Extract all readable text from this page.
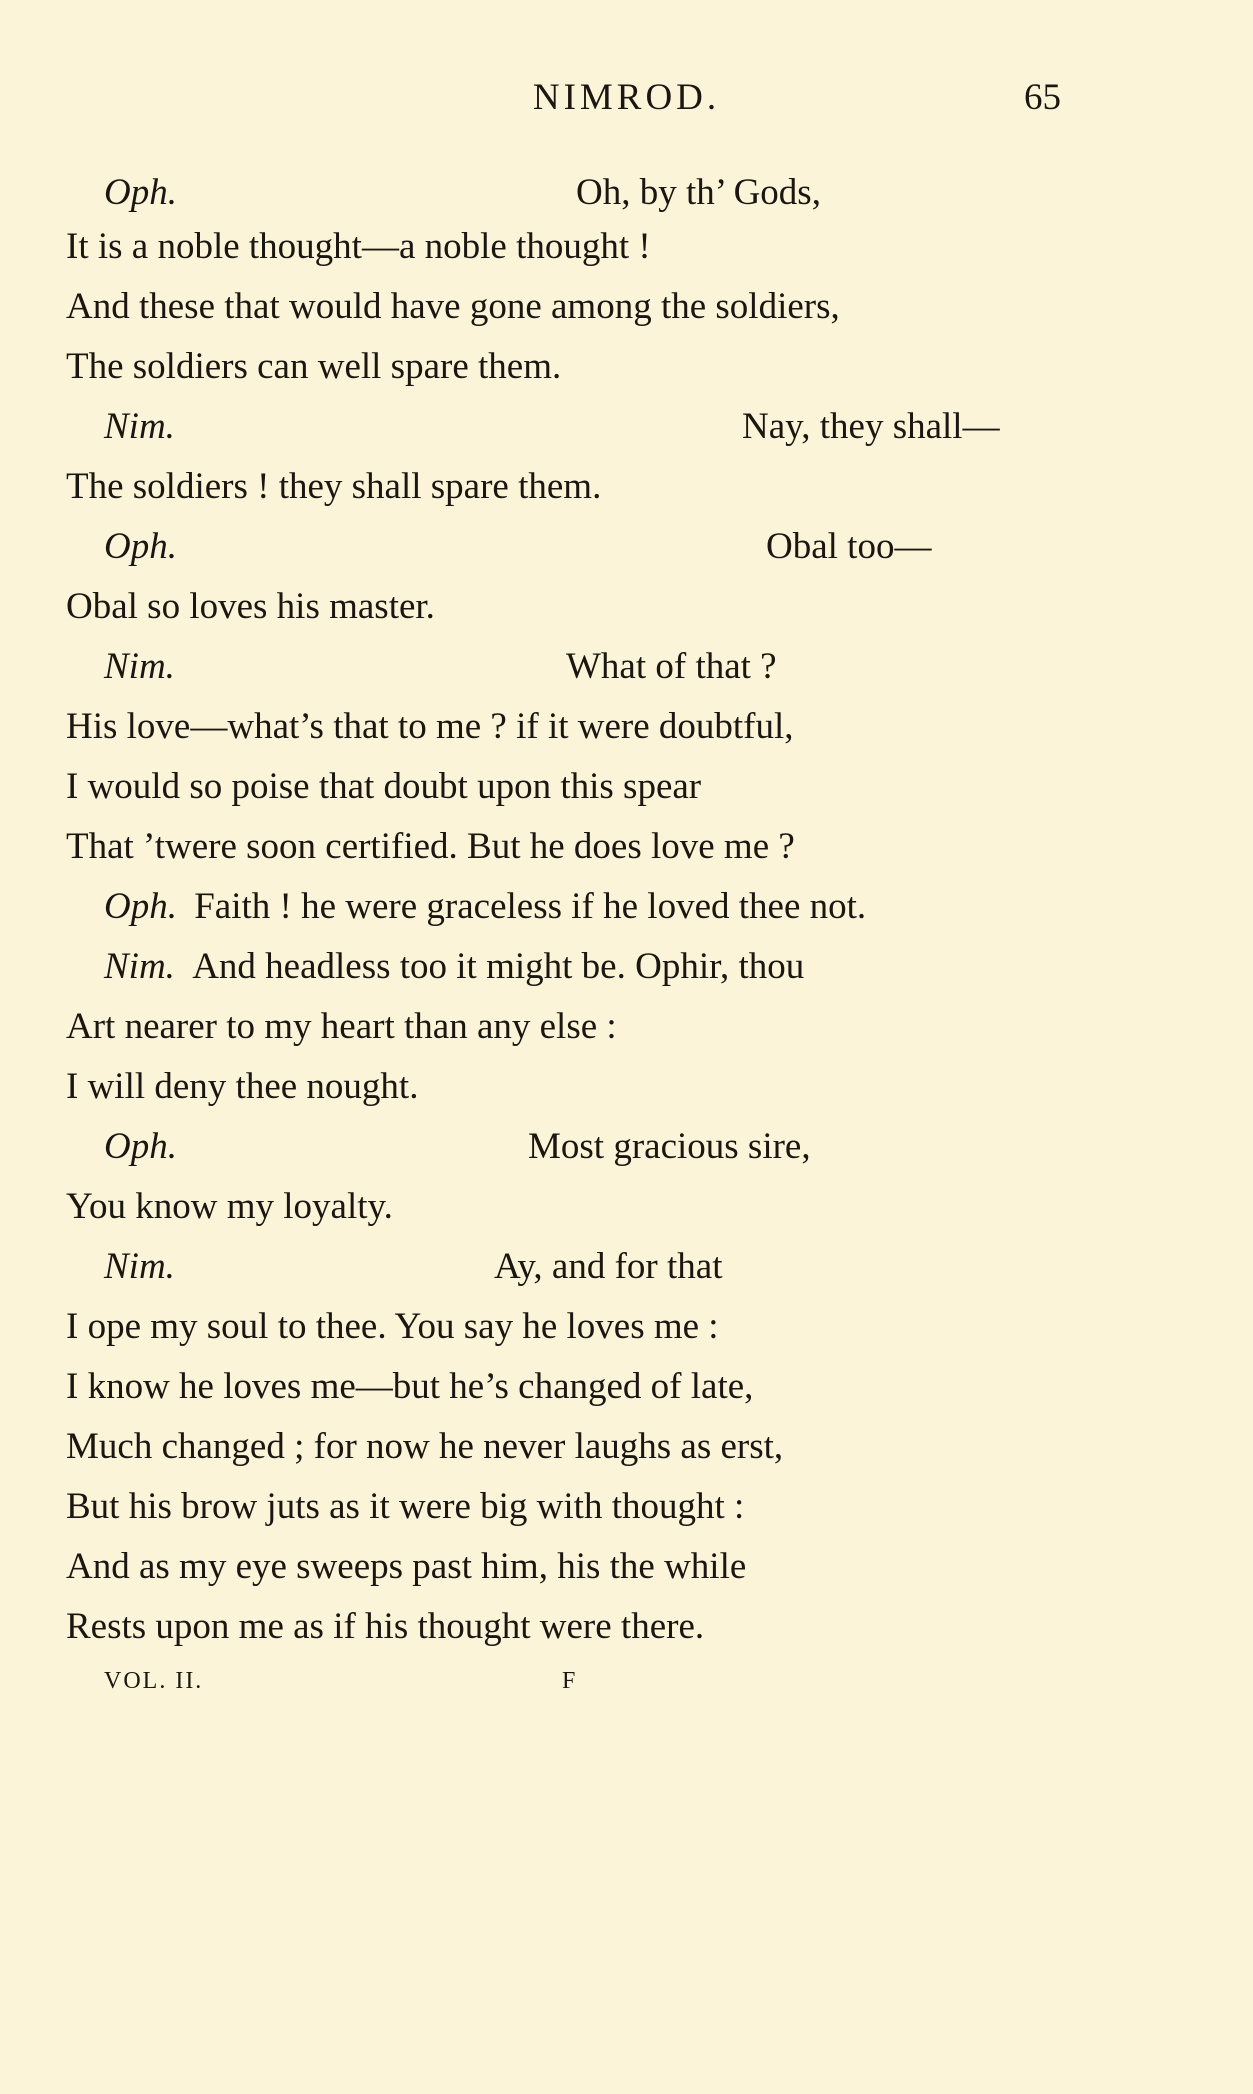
NIMROD.	65
Oph.	Oh, by th’ Gods,
It is a noble thought—a noble thought !
And these that would have gone among the soldiers,
The soldiers can well spare them.
Nim.	Nay, they shall—
The soldiers ! they shall spare them.
Oph.	Obal too—
Obal so loves his master.
Nim.	What of that ?
His love—what’s that to me ? if it were doubtful,
I would so poise that doubt upon this spear
That ’twere soon certified. But he does love me ?
Oph. Faith ! he were graceless if he loved thee not.
Nim. And headless too it might be. Ophir, thou
Art nearer to my heart than any else :
I will deny thee nought.
Oph.	Most gracious sire,
You know my loyalty.
Nim.	Ay, and for that
I ope my soul to thee. You say he loves me :
I know he loves me—but he’s changed of late,
Much changed ; for now he never laughs as erst,
But his brow juts as it were big with thought :
And as my eye sweeps past him, his the while
Rests upon me as if his thought were there.
VOL. II.	F
